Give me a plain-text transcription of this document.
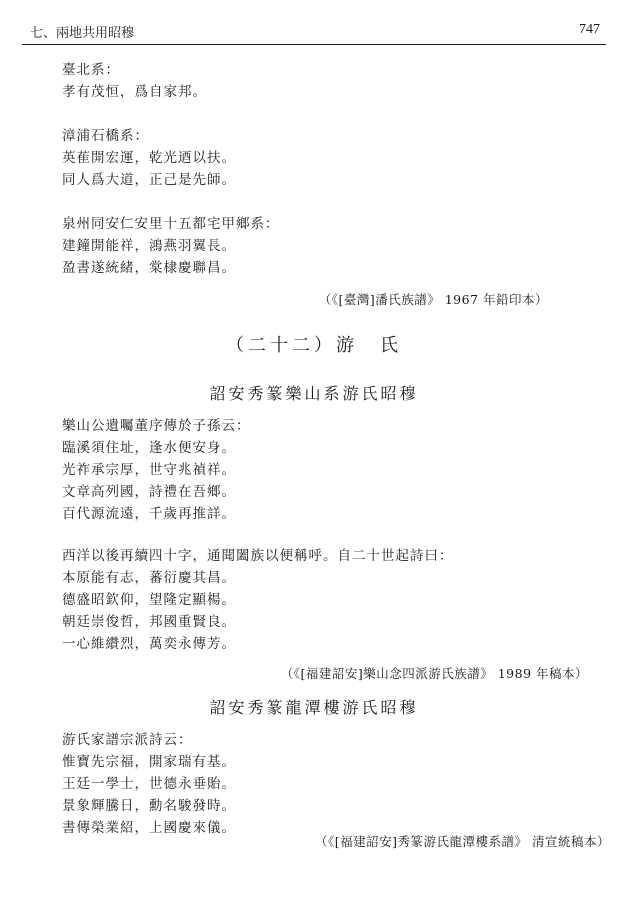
七、兩地共用昭穆	747
臺北系：
孝有茂恒，爲自家邦。
漳浦石橋系：
英萑開宏運，乾光迺以扶。
同人爲大道，正己是先師。
泉州同安仁安里十五都宅甲鄉系：
建鐘開能祥，鴻燕羽翼長。
盈書遂統緒，棠棣慶聯昌。
（《[臺灣]潘氏族譜》 1967 年鉛印本）
（二十二）游　氏
詔安秀篆樂山系游氏昭穆
樂山公遺囑董序傳於子孫云：
臨溪須住址，逢水便安身。
光祚承宗厚，世守兆禎祥。
文章高列國，詩禮在吾鄉。
百代源流遠，千歲再推詳。
西洋以後再續四十字，通聞闔族以便稱呼。自二十世起詩曰：
本原能有志，蕃衍慶其昌。
德盛昭欽仰，望隆定顯楊。
朝廷崇俊哲，邦國重賢良。
一心維纘烈，萬奕永傳芳。
（《[福建詔安]樂山念四派游氏族譜》 1989 年稿本）
詔安秀篆龍潭樓游氏昭穆
游氏家譜宗派詩云：
惟寶先宗福，開家瑞有基。
王廷一學士，世德永垂貽。
景象輝騰日，勳名駿發時。
書傳榮業紹，上國慶來儀。
（《[福建詔安]秀篆游氏龍潭樓系譜》 清宣統稿本）
